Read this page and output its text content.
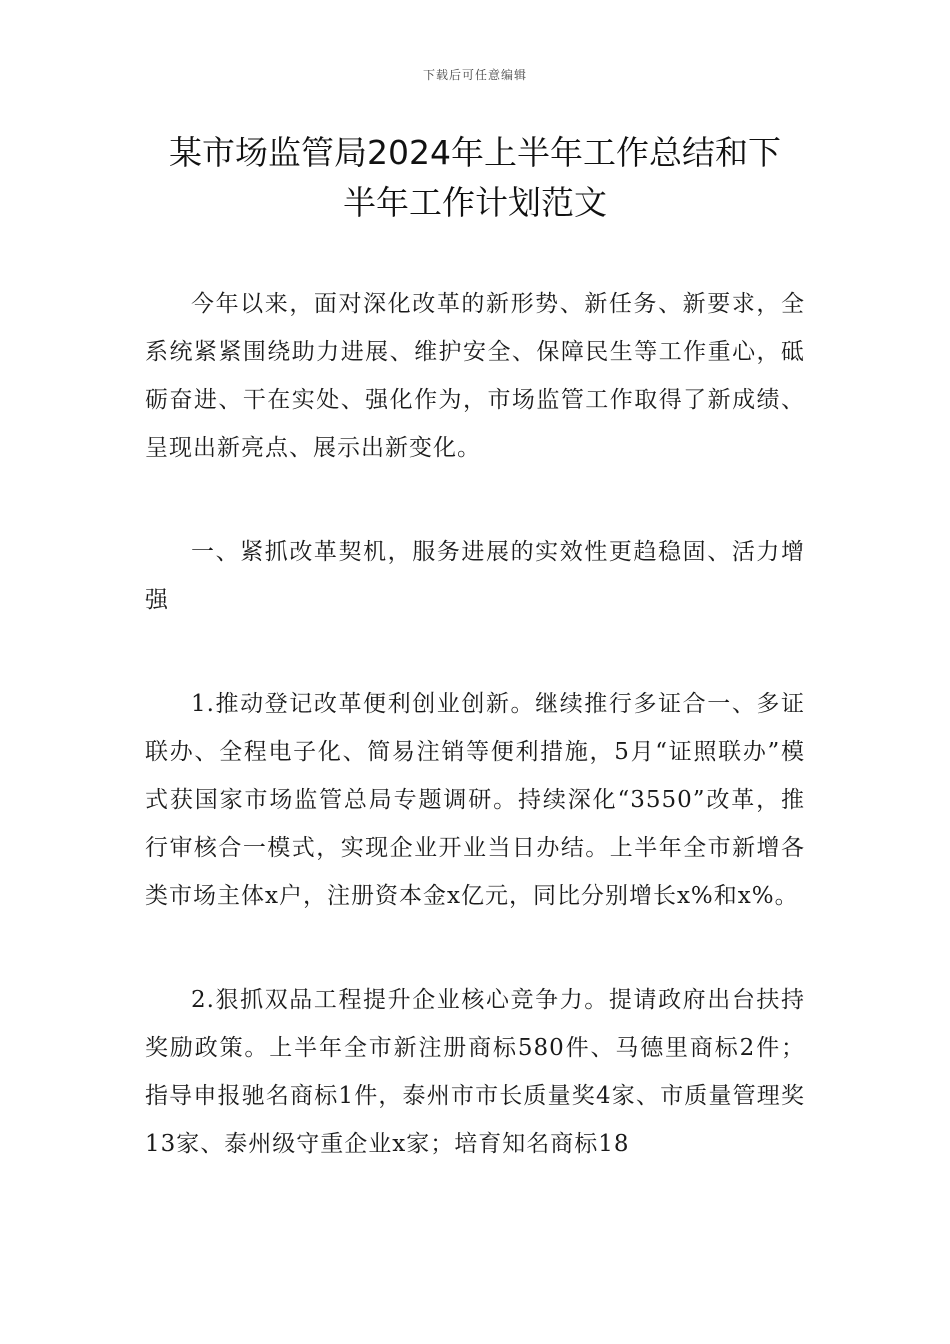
下载后可任意编辑
某市场监管局2024年上半年工作总结和下
半年工作计划范文

今年以来，面对深化改革的新形势、新任务、新要求，全系统紧紧围绕助力进展、维护安全、保障民生等工作重心，砥砺奋进、干在实处、强化作为，市场监管工作取得了新成绩、呈现出新亮点、展示出新变化。

一、紧抓改革契机，服务进展的实效性更趋稳固、活力增强

1.推动登记改革便利创业创新。继续推行多证合一、多证联办、全程电子化、简易注销等便利措施，5月“证照联办”模式获国家市场监管总局专题调研。持续深化“3550”改革，推行审核合一模式，实现企业开业当日办结。上半年全市新增各类市场主体x户，注册资本金x亿元，同比分别增长x%和x%。

2.狠抓双品工程提升企业核心竞争力。提请政府出台扶持奖励政策。上半年全市新注册商标580件、马德里商标2件；指导申报驰名商标1件，泰州市市长质量奖4家、市质量管理奖13家、泰州级守重企业x家；培育知名商标18
